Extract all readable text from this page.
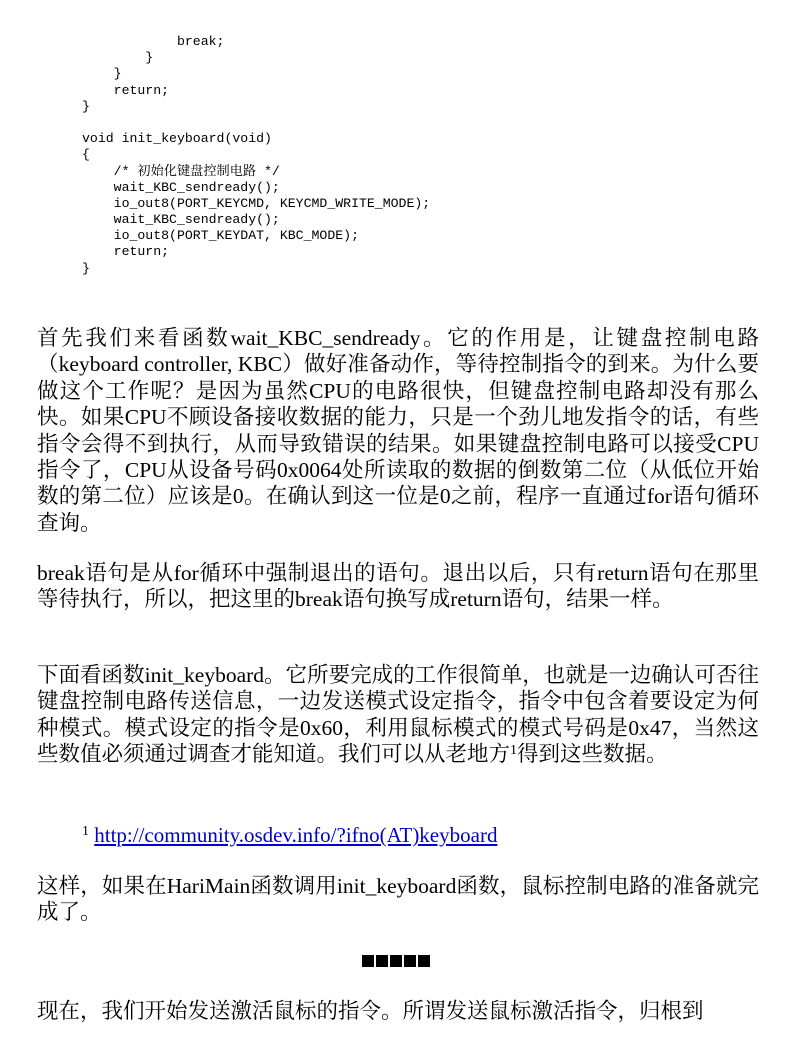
break;
}
}
return;
}
void init_keyboard(void)
{
/* 初始化键盘控制电路 */
wait_KBC_sendready();
io_out8(PORT_KEYCMD, KEYCMD_WRITE_MODE);
wait_KBC_sendready();
io_out8(PORT_KEYDAT, KBC_MODE);
return;
}

首先我们来看函数wait_KBC_sendready。它的作用是，让键盘控制电路（keyboard controller, KBC）做好准备动作，等待控制指令的到来。为什么要做这个工作呢？是因为虽然CPU的电路很快，但键盘控制电路却没有那么快。如果CPU不顾设备接收数据的能力，只是一个劲儿地发指令的话，有些指令会得不到执行，从而导致错误的结果。如果键盘控制电路可以接受CPU指令了，CPU从设备号码0x0064处所读取的数据的倒数第二位（从低位开始数的第二位）应该是0。在确认到这一位是0之前，程序一直通过for语句循环查询。

break语句是从for循环中强制退出的语句。退出以后，只有return语句在那里等待执行，所以，把这里的break语句换写成return语句，结果一样。

下面看函数init_keyboard。它所要完成的工作很简单，也就是一边确认可否往键盘控制电路传送信息，一边发送模式设定指令，指令中包含着要设定为何种模式。模式设定的指令是0x60，利用鼠标模式的模式号码是0x47，当然这些数值必须通过调查才能知道。我们可以从老地方$^1$得到这些数据。

$^1$ http://community.osdev.info/?ifno(AT)keyboard

这样，如果在HariMain函数调用init_keyboard函数，鼠标控制电路的准备就完成了。

现在，我们开始发送激活鼠标的指令。所谓发送鼠标激活指令，归根到
